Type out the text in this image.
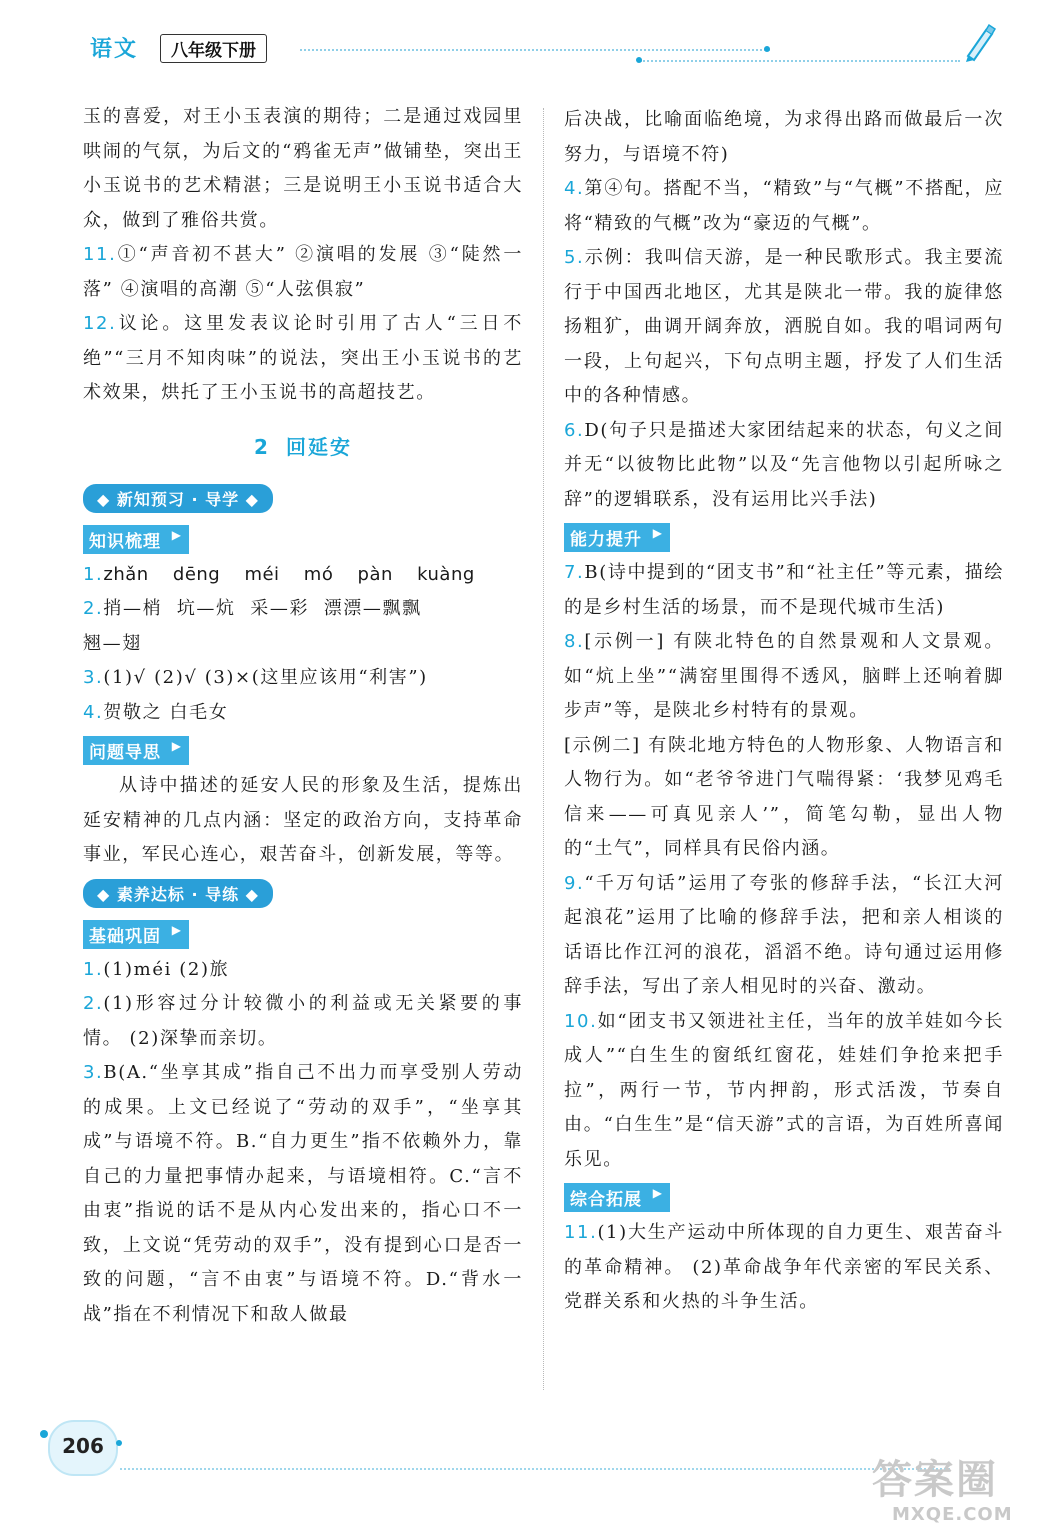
语文	八年级下册

玉的喜爱，对王小玉表演的期待；二是通过戏园里哄闹的气氛，为后文的“鸦雀无声”做铺垫，突出王小玉说书的艺术精湛；三是说明王小玉说书适合大众，做到了雅俗共赏。

11.①“声音初不甚大” ②演唱的发展 ③“陡然一落” ④演唱的高潮 ⑤“人弦俱寂”

12.议论。这里发表议论时引用了古人“三日不绝”“三月不知肉味”的说法，突出王小玉说书的艺术效果，烘托了王小玉说书的高超技艺。

2 回延安
◆ 新知预习 · 导学 ◆
知识梳理 ▶

1.zhǎn dēng méi mó pàn kuàng

2.捎—梢  坑—炕  采—彩  漂漂—飘飘

翘—翅

3.(1)√ (2)√ (3)×(这里应该用“利害”)

4.贺敬之 白毛女

问题导思 ▶

从诗中描述的延安人民的形象及生活，提炼出延安精神的几点内涵：坚定的政治方向，支持革命事业，军民心连心，艰苦奋斗，创新发展，等等。

◆ 素养达标 · 导练 ◆
基础巩固 ▶

1.(1)méi (2)旅

2.(1)形容过分计较微小的利益或无关紧要的事情。 (2)深挚而亲切。

3.B(A.“坐享其成”指自己不出力而享受别人劳动的成果。上文已经说了“劳动的双手”，“坐享其成”与语境不符。B.“自力更生”指不依赖外力，靠自己的力量把事情办起来，与语境相符。C.“言不由衷”指说的话不是从内心发出来的，指心口不一致，上文说“凭劳动的双手”，没有提到心口是否一致的问题，“言不由衷”与语境不符。D.“背水一战”指在不利情况下和敌人做最

后决战，比喻面临绝境，为求得出路而做最后一次努力，与语境不符)

4.第④句。搭配不当，“精致”与“气概”不搭配，应将“精致的气概”改为“豪迈的气概”。

5.示例：我叫信天游，是一种民歌形式。我主要流行于中国西北地区，尤其是陕北一带。我的旋律悠扬粗犷，曲调开阔奔放，洒脱自如。我的唱词两句一段，上句起兴，下句点明主题，抒发了人们生活中的各种情感。

6.D(句子只是描述大家团结起来的状态，句义之间并无“以彼物比此物”以及“先言他物以引起所咏之辞”的逻辑联系，没有运用比兴手法)

能力提升 ▶

7.B(诗中提到的“团支书”和“社主任”等元素，描绘的是乡村生活的场景，而不是现代城市生活)

8.[示例一] 有陕北特色的自然景观和人文景观。如“炕上坐”“满窑里围得不透风，脑畔上还响着脚步声”等，是陕北乡村特有的景观。

[示例二] 有陕北地方特色的人物形象、人物语言和人物行为。如“老爷爷进门气喘得紧：‘我梦见鸡毛信来——可真见亲人’”，简笔勾勒，显出人物的“土气”，同样具有民俗内涵。

9.“千万句话”运用了夸张的修辞手法，“长江大河起浪花”运用了比喻的修辞手法，把和亲人相谈的话语比作江河的浪花，滔滔不绝。诗句通过运用修辞手法，写出了亲人相见时的兴奋、激动。

10.如“团支书又领进社主任，当年的放羊娃如今长成人”“白生生的窗纸红窗花，娃娃们争抢来把手拉”，两行一节，节内押韵，形式活泼，节奏自由。“白生生”是“信天游”式的言语，为百姓所喜闻乐见。

综合拓展 ▶

11.(1)大生产运动中所体现的自力更生、艰苦奋斗的革命精神。 (2)革命战争年代亲密的军民关系、党群关系和火热的斗争生活。

206
答案圈
MXQE.COM
